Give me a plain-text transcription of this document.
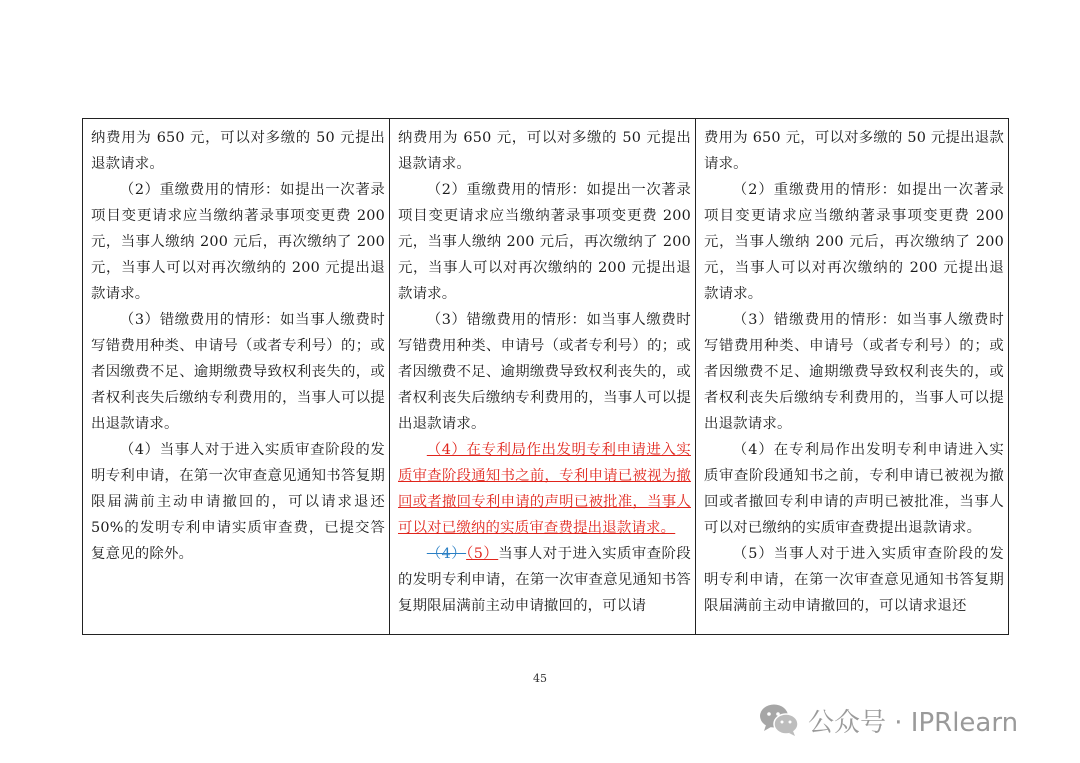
纳费用为 650 元，可以对多缴的 50 元提出退款请求。

（2）重缴费用的情形：如提出一次著录项目变更请求应当缴纳著录事项变更费 200 元，当事人缴纳 200 元后，再次缴纳了 200 元，当事人可以对再次缴纳的 200 元提出退款请求。

（3）错缴费用的情形：如当事人缴费时写错费用种类、申请号（或者专利号）的；或者因缴费不足、逾期缴费导致权利丧失的，或者权利丧失后缴纳专利费用的，当事人可以提出退款请求。

（4）当事人对于进入实质审查阶段的发明专利申请，在第一次审查意见通知书答复期限届满前主动申请撤回的，可以请求退还 50%的发明专利申请实质审查费，已提交答复意见的除外。

纳费用为 650 元，可以对多缴的 50 元提出退款请求。

（2）重缴费用的情形：如提出一次著录项目变更请求应当缴纳著录事项变更费 200 元，当事人缴纳 200 元后，再次缴纳了 200 元，当事人可以对再次缴纳的 200 元提出退款请求。

（3）错缴费用的情形：如当事人缴费时写错费用种类、申请号（或者专利号）的；或者因缴费不足、逾期缴费导致权利丧失的，或者权利丧失后缴纳专利费用的，当事人可以提出退款请求。

（4）在专利局作出发明专利申请进入实质审查阶段通知书之前，专利申请已被视为撤回或者撤回专利申请的声明已被批准，当事人可以对已缴纳的实质审查费提出退款请求。

（4）（5）当事人对于进入实质审查阶段的发明专利申请，在第一次审查意见通知书答复期限届满前主动申请撤回的，可以请

费用为 650 元，可以对多缴的 50 元提出退款请求。

（2）重缴费用的情形：如提出一次著录项目变更请求应当缴纳著录事项变更费 200 元，当事人缴纳 200 元后，再次缴纳了 200 元，当事人可以对再次缴纳的 200 元提出退款请求。

（3）错缴费用的情形：如当事人缴费时写错费用种类、申请号（或者专利号）的；或者因缴费不足、逾期缴费导致权利丧失的，或者权利丧失后缴纳专利费用的，当事人可以提出退款请求。

（4）在专利局作出发明专利申请进入实质审查阶段通知书之前，专利申请已被视为撤回或者撤回专利申请的声明已被批准，当事人可以对已缴纳的实质审查费提出退款请求。

（5）当事人对于进入实质审查阶段的发明专利申请，在第一次审查意见通知书答复期限届满前主动申请撤回的，可以请求退还

45
公众号 · IPRlearn
